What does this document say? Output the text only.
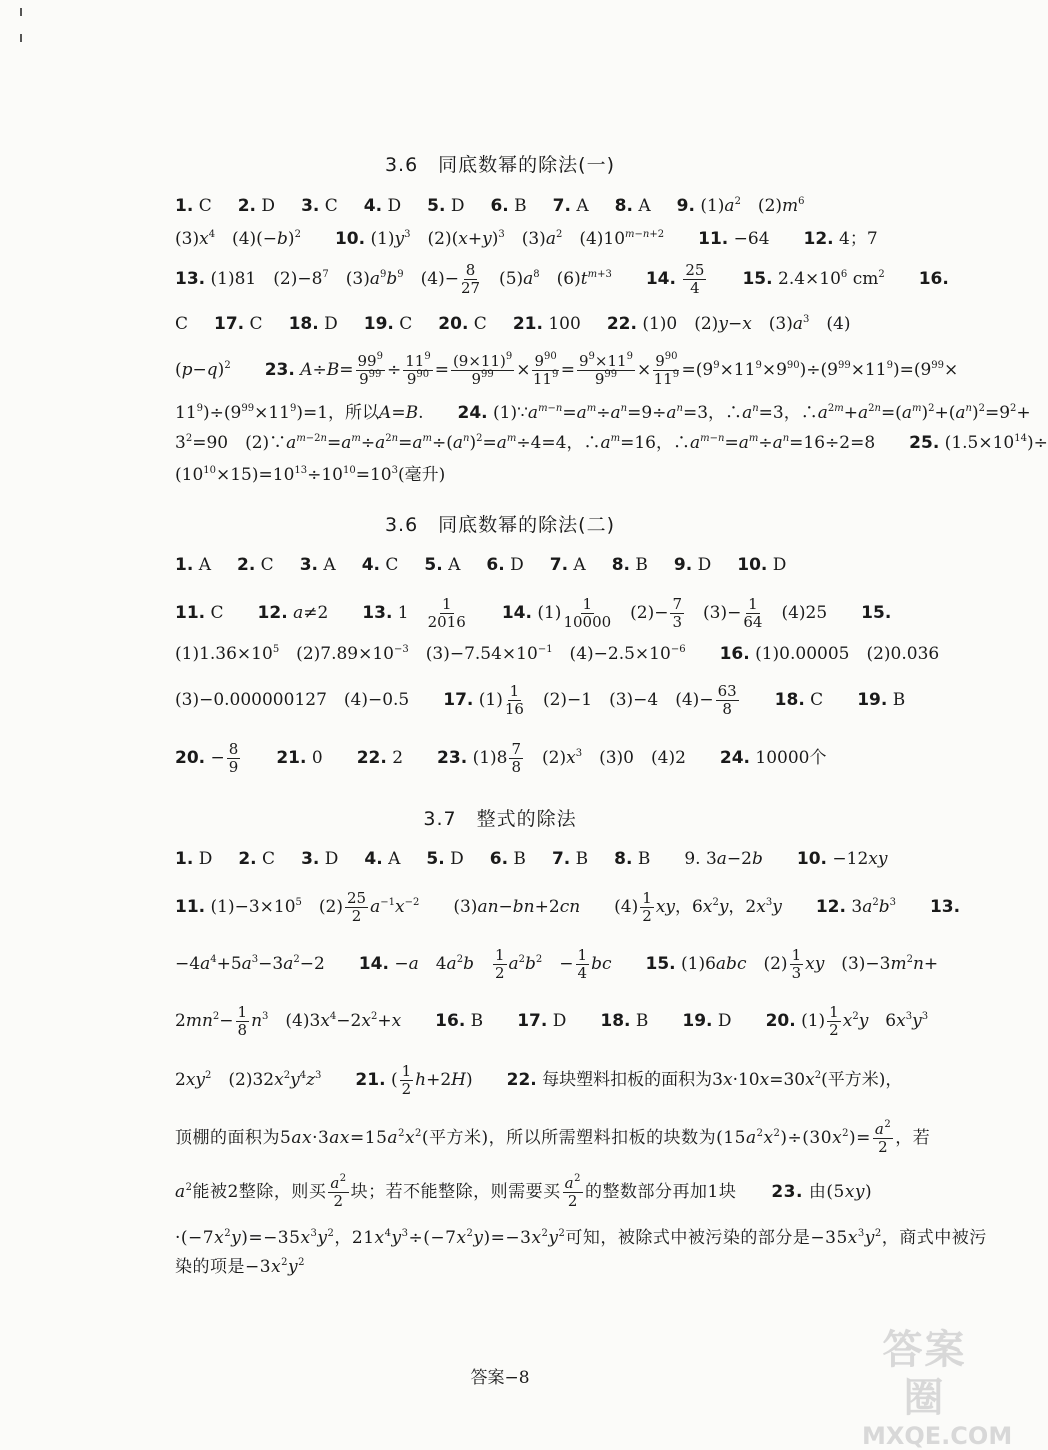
3.6　同底数幂的除法(一)
1. C 2. D 3. C 4. D 5. D 6. B 7. A 8. A 9. $(1)a^2$　$(2)m^6$
$(3)x^4$　$(4)(-b)^2$　　 10. $(1)y^3$　$(2)(x+y)^3$　$(3)a^2$　$(4)10^{m-n+2}$　　 11. −64　　12. 4；7
13. (1)81　$(2)-8^7$　$(3)a^9b^9$　$(4)- \frac{8}{27}$ 　$(5)a^8$　$(6)t^{m+3}$　　 14. $\frac{25}{4}$
　　 15. $2.4\times 10^6$ $cm^2$　　 16.
C 17. C 18. D 19. C 20. C 21. 100 22. (1)0　(2)y−x　$(3)a^3$　(4)
$(p-q)^2$　　 23. $A\div B= \frac{99^9}{9^{99}} \div \frac{11^9}{9^{90}} = \frac{(9\times 11)^9}{9^{99}} \times \frac{9^{90}}{11^9} = \frac{9^9\times 11^9}{9^{99}} \times \frac{9^{90}}{11^9} =(9^9\times 11^9\times 9^{90})\div(9^{99}\times 11^9)=(9^{99}\times$
$11^9)\div(9^{99}\times 11^9)=1$，所以A=B.　　24. $(1)\because a^{m-n}=a^m\div a^n=9\div a^n=3$，$\therefore a^n=3$，$\therefore a^{2m}+a^{2n}=(a^m)^2+(a^n)^2=9^2+$
$3^2=90$　$(2)\because a^{m-2n}=a^m\div a^{2n}=a^m\div(a^n)^2=a^m\div 4=4$，$\therefore a^m=16$，$\therefore a^{m-n}=a^m\div a^n=16\div 2=8$　　25. $(1.5\times 10^{14})\div$
$(10^{10}\times 15)=10^{13}\div 10^{10}=10^3$(毫升)
3.6　同底数幂的除法(二)
1. A 2. C 3. A 4. C 5. A 6. D 7. A 8. B 9. D 10. D
11. C　　12. a≠2　　13. 1　 $\frac{1}{2016}$
　　 14. $(1) \frac{1}{10000}$ 　$(2)- \frac{7}{3}$ 　$(3)- \frac{1}{64}$ 　(4)25　　15.
$(1)1.36\times 10^5$　$(2)7.89\times 10^{-3}$　$(3)-7.54\times 10^{-1}$　$(4)-2.5\times 10^{-6}$　　 16. (1)0.00005　(2)0.036
(3)−0.000000127　(4)−0.5　　17. $(1) \frac{1}{16}$ 　(2)−1　(3)−4　$(4)- \frac{63}{8}$
　　 18. C　　19. B
20. − $\frac{8}{9}$
　　 21. 0　　22. 2　　23. $(1)8 \frac{7}{8}$ 　$(2)x^3$　(3)0　(4)2　　24. 10000个
3.7　整式的除法
1. D 2. C 3. D 4. A 5. D 6. B 7. B 8. B　　9. 3a−2b　　 10. −12xy
11. $(1)-3\times 10^5$　$(2) \frac{25}{2} a^{-1}x^{-2}$　　(3)an−bn+2cn　　$(4) \frac{1}{2}$ xy，$6x^2y$，$2x^3y$　　 12. $3a^2b^3$　　 13.
$-4a^4+5a^3-3a^2-2$　　14. −a　$4a^2b$　 $\frac{1}{2} a^2b^2$　− $\frac{1}{4}$ bc　　 15. (1)6abc　$(2) \frac{1}{3}$ xy　$(3)-3m^2n+$
$2mn^2- \frac{1}{8} n^3$　$(4)3x^4-2x^2+x$　　 16. B　　17. D　　18. B　　19. D　　20. $(1) \frac{1}{2} x^2y$　$6x^3y^3$
$2xy^2$　$(2)32x^2y^4z^3$　　 21. ( $\frac{1}{2} h+2H$)　　22. 每块塑料扣板的面积为$3x\cdot 10x=30x^2$(平方米)，
顶棚的面积为$5ax\cdot 3ax=15a^2x^2$(平方米)，所以所需塑料扣板的块数为$(15a^2x^2)\div(30x^2)= \frac{a^2}{2}$ ，若
$a^2$能被2整除，则买 $\frac{a^2}{2}$ 块；若不能整除，则需要买 $\frac{a^2}{2}$ 的整数部分再加1块　　23. 由(5xy)
$\cdot(-7x^2y)=-35x^3y^2$，$21x^4y^3\div(-7x^2y)=-3x^2y^2$可知，被除式中被污染的部分是$-35x^3y^2$，商式中被污
染的项是$-3x^2y^2$
答案−8
答案圈
MXQE.COM
